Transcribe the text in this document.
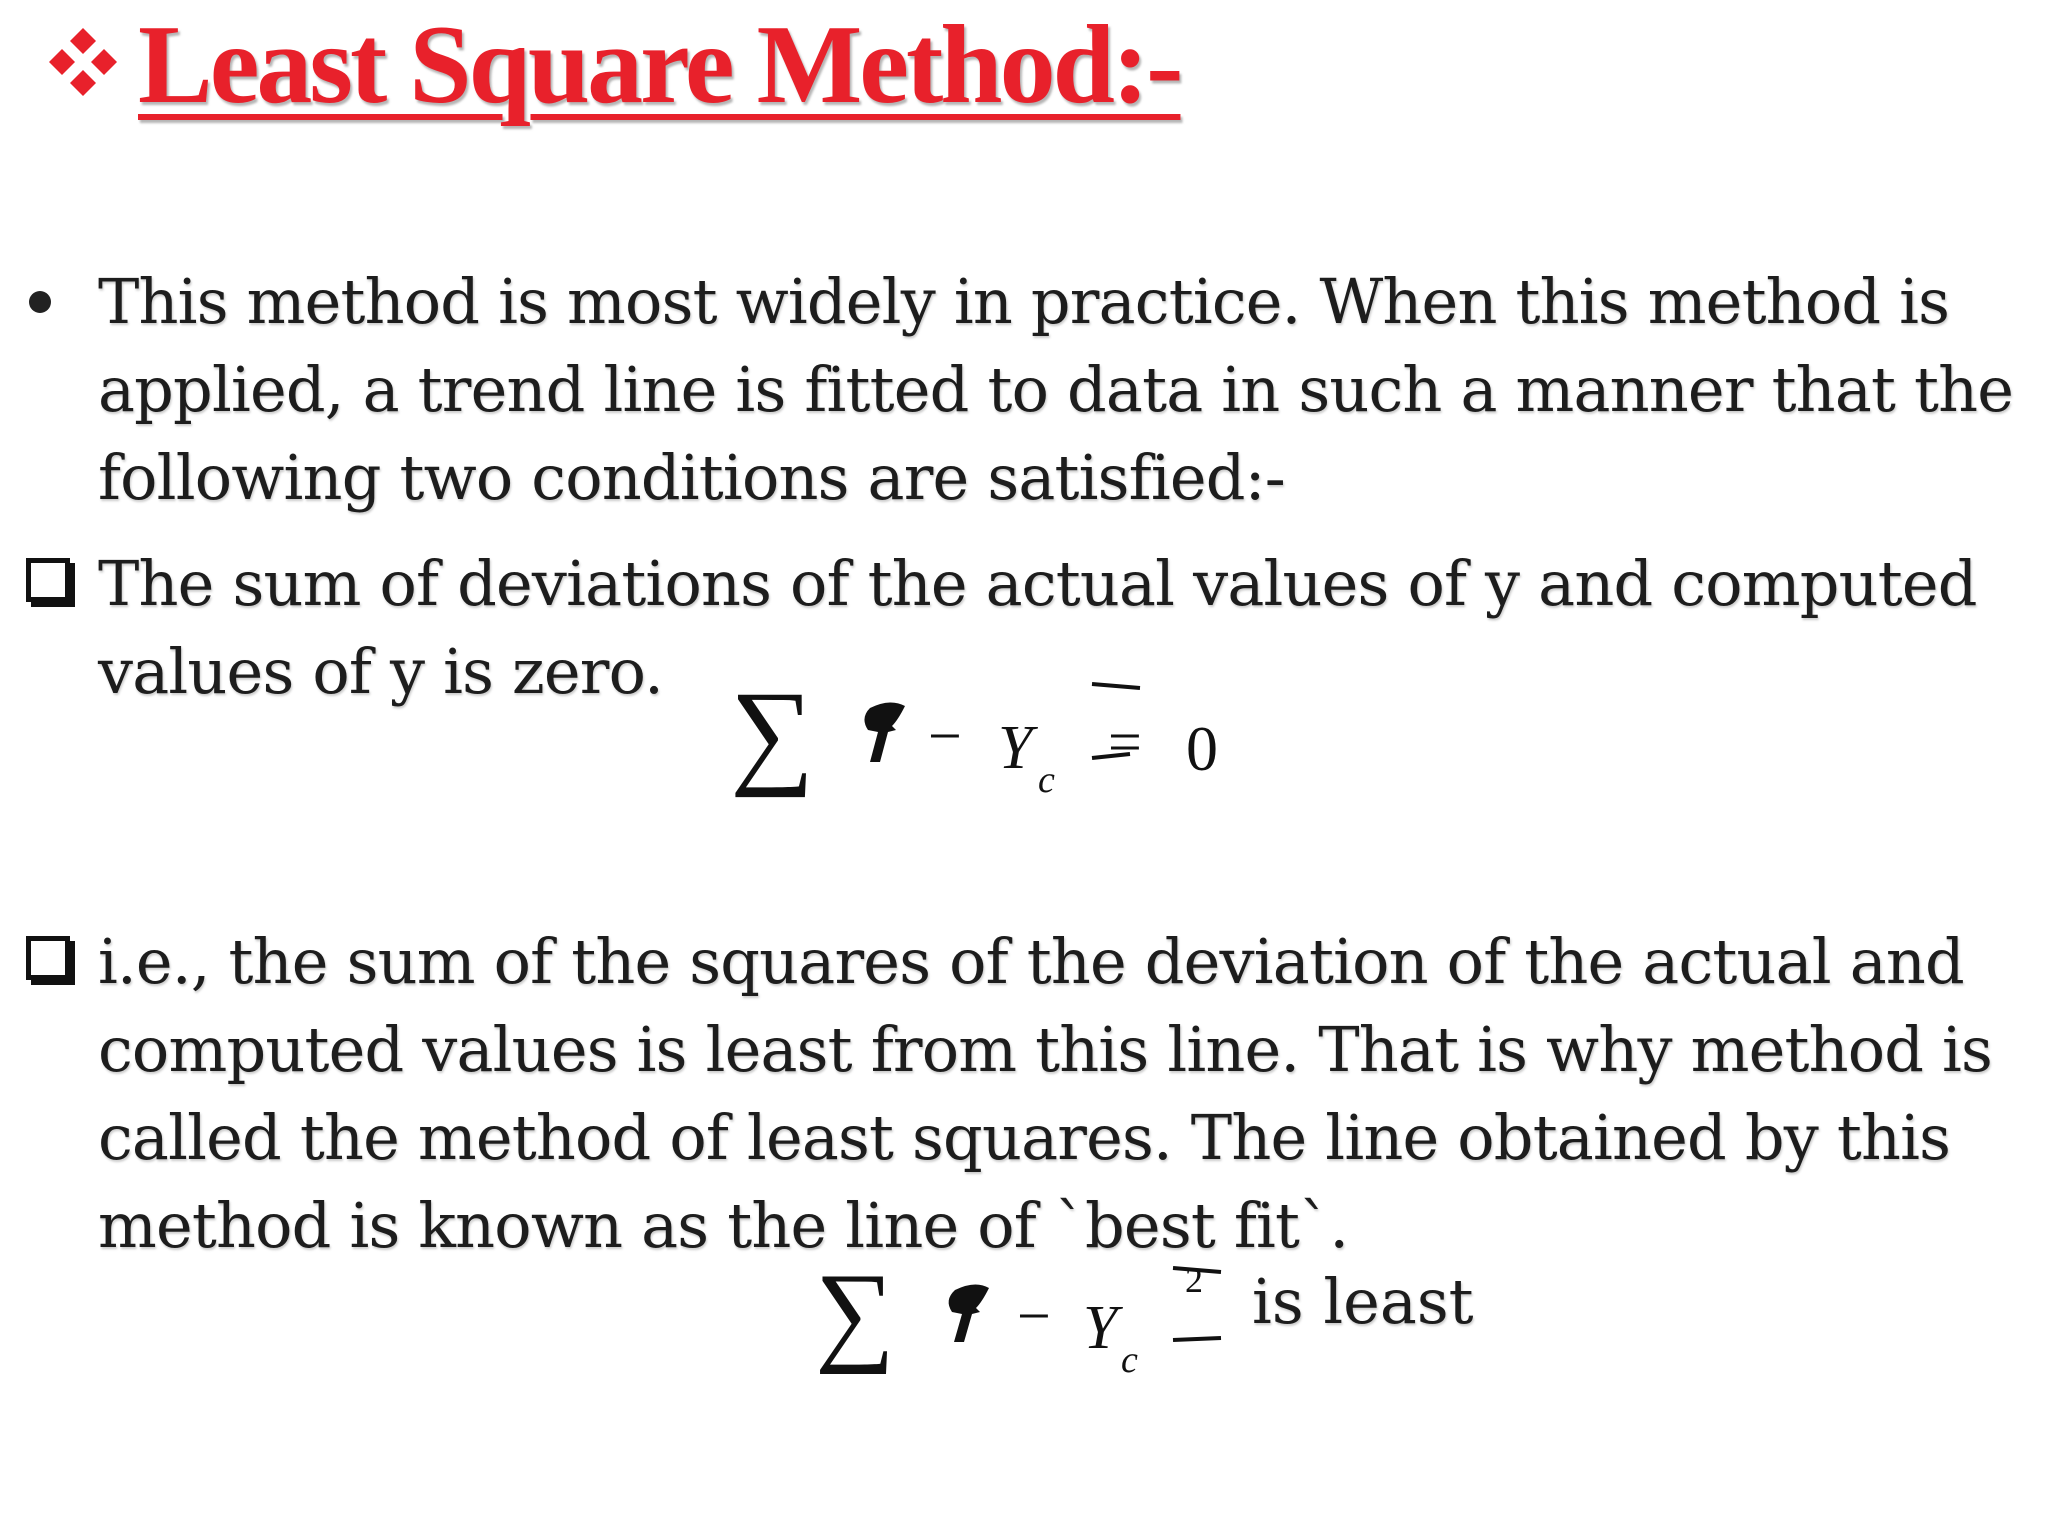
Least Square Method:-
This method is most widely in practice. When this method is applied, a trend line is fitted to data in such a manner that the following two conditions are satisfied:-
The sum of deviations of the actual values of y and computed values of y is zero. ∑ − Y c
= 0
i.e., the sum of the squares of the deviation of the actual and computed values is least from this line. That is why method is called the method of least squares. The line obtained by this method is known as the line of `best fit`.
∑ − Y c
2 is least
